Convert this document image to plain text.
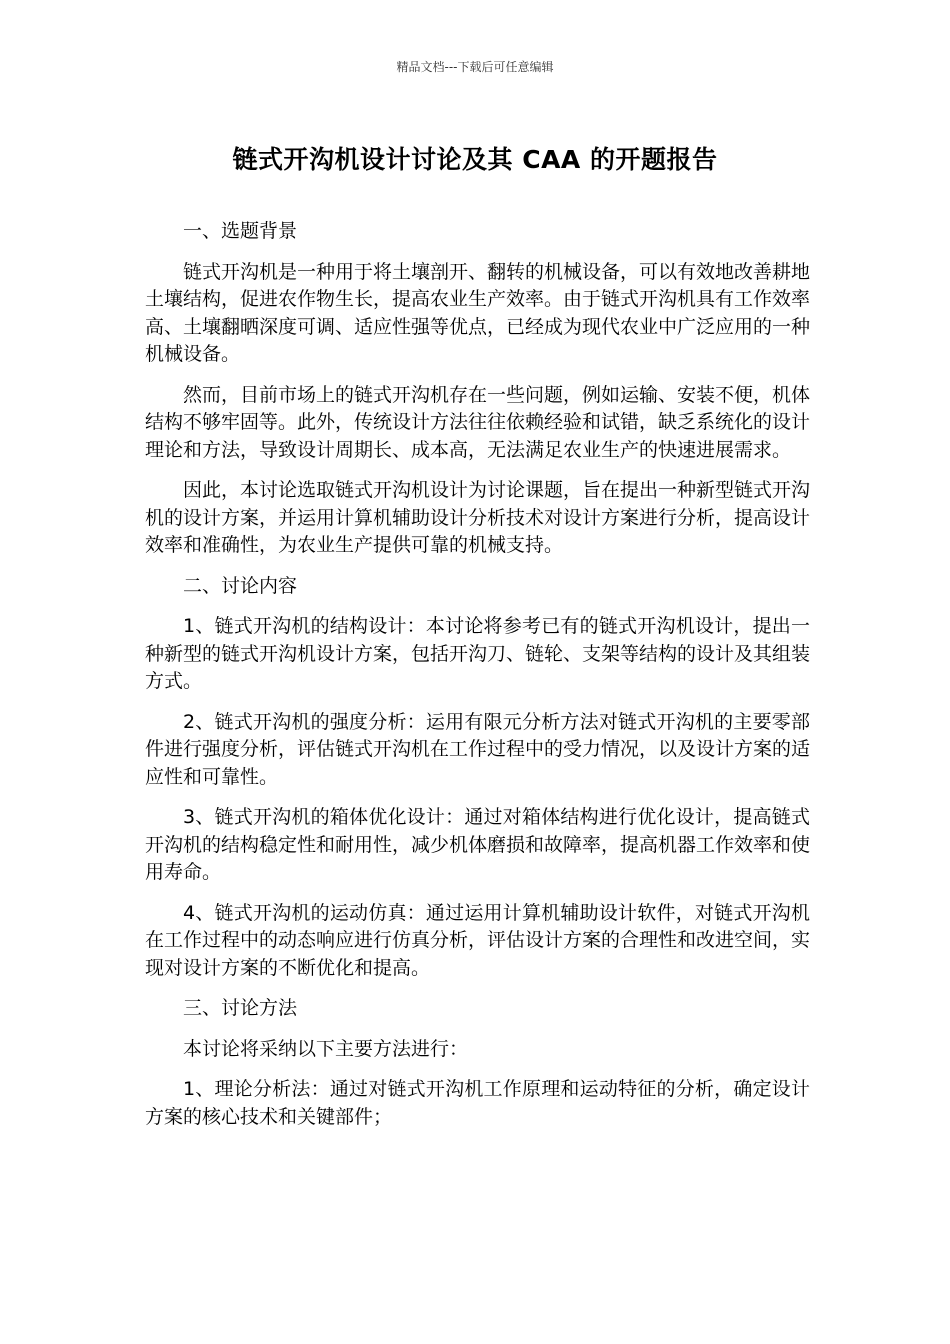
精品文档---下载后可任意编辑
链式开沟机设计讨论及其 CAA 的开题报告

一、选题背景

链式开沟机是一种用于将土壤剖开、翻转的机械设备，可以有效地改善耕地土壤结构，促进农作物生长，提高农业生产效率。由于链式开沟机具有工作效率高、土壤翻晒深度可调、适应性强等优点，已经成为现代农业中广泛应用的一种机械设备。

然而，目前市场上的链式开沟机存在一些问题，例如运输、安装不便，机体结构不够牢固等。此外，传统设计方法往往依赖经验和试错，缺乏系统化的设计理论和方法，导致设计周期长、成本高，无法满足农业生产的快速进展需求。

因此，本讨论选取链式开沟机设计为讨论课题，旨在提出一种新型链式开沟机的设计方案，并运用计算机辅助设计分析技术对设计方案进行分析，提高设计效率和准确性，为农业生产提供可靠的机械支持。

二、讨论内容

1、链式开沟机的结构设计：本讨论将参考已有的链式开沟机设计，提出一种新型的链式开沟机设计方案，包括开沟刀、链轮、支架等结构的设计及其组装方式。

2、链式开沟机的强度分析：运用有限元分析方法对链式开沟机的主要零部件进行强度分析，评估链式开沟机在工作过程中的受力情况，以及设计方案的适应性和可靠性。

3、链式开沟机的箱体优化设计：通过对箱体结构进行优化设计，提高链式开沟机的结构稳定性和耐用性，减少机体磨损和故障率，提高机器工作效率和使用寿命。

4、链式开沟机的运动仿真：通过运用计算机辅助设计软件，对链式开沟机在工作过程中的动态响应进行仿真分析，评估设计方案的合理性和改进空间，实现对设计方案的不断优化和提高。

三、讨论方法

本讨论将采纳以下主要方法进行：

1、理论分析法：通过对链式开沟机工作原理和运动特征的分析，确定设计方案的核心技术和关键部件；
